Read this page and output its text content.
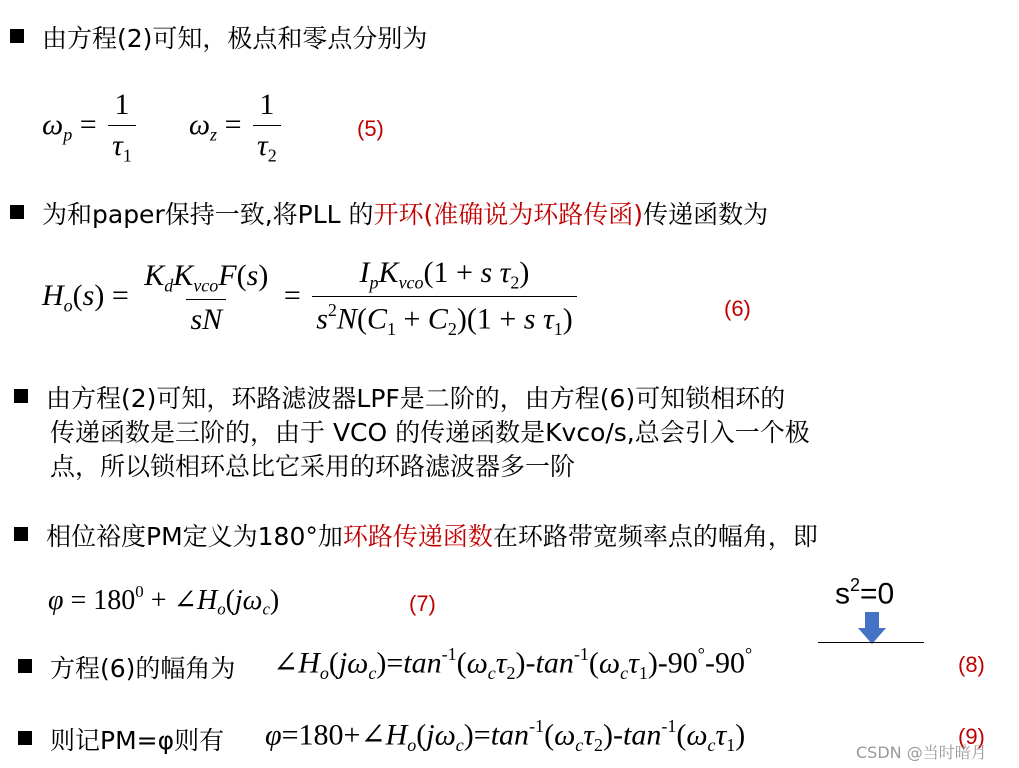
由方程(2)可知，极点和零点分别为
$\omega_p = \frac{1}{\tau_1} \omega_z = \frac{1}{\tau_2}$	(5)
为和paper保持一致,将PLL 的开环(准确说为环路传函)传递函数为
$H_o(s) = \frac{K_dK_{vco}F(s)}{sN} = \frac{I_pK_{vco}(1 + s \tau_2)}{s^2N(C_1 + C_2)(1 + s \tau_1)}$	(6)
由方程(2)可知，环路滤波器LPF是二阶的，由方程(6)可知锁相环的
传递函数是三阶的，由于 VCO 的传递函数是Kvco/s,总会引入一个极
点，所以锁相环总比它采用的环路滤波器多一阶
相位裕度PM定义为180°加环路传递函数在环路带宽频率点的幅角，即
$\varphi = 180^0$ + $\angle H_o(j\omega_c)$	(7)	$s^2=0$
方程(6)的幅角为 $\angle H_o(j\omega_c)=\tan^{-1}(\omega_c\tau_2)-\tan^{-1}(\omega_c\tau_1)-90^\circ-90^\circ$	(8)
则记PM=φ则有 $\varphi=180+\angle H_o(j\omega_c)=\tan^{-1}(\omega_c\tau_2)-\tan^{-1}(\omega_c\tau_1)$	(9)
CSDN @当时暗月
